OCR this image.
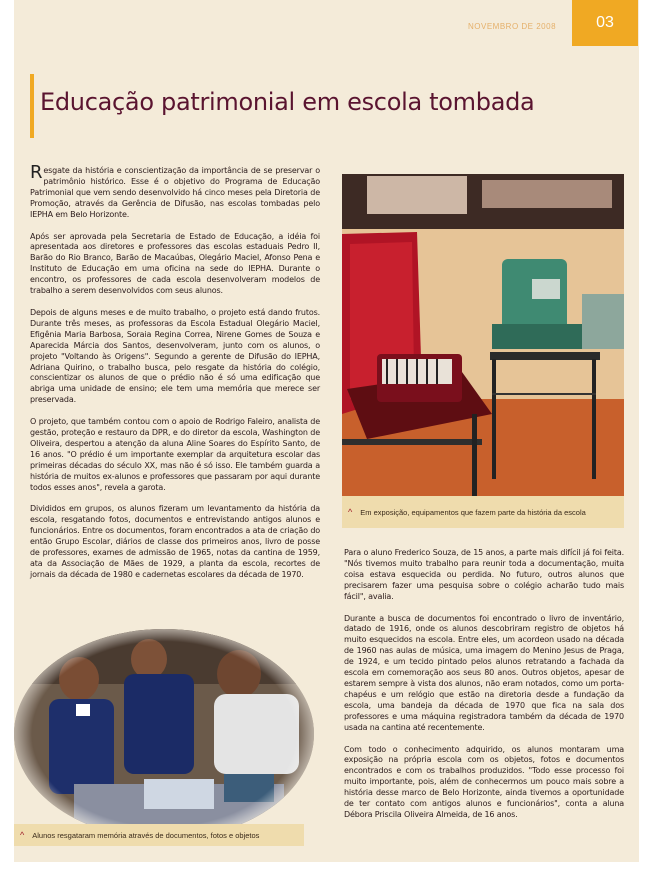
NOVEMBRO DE 2008	03
Educação patrimonial em escola tombada

Resgate da história e conscientização da importância de se preservar o patrimônio histórico. Esse é o objetivo do Programa de Educação Patrimonial que vem sendo desenvolvido há cinco meses pela Diretoria de Promoção, através da Gerência de Difusão, nas escolas tombadas pelo IEPHA em Belo Horizonte.

Após ser aprovada pela Secretaria de Estado de Educação, a idéia foi apresentada aos diretores e professores das escolas estaduais Pedro II, Barão do Rio Branco, Barão de Macaúbas, Olegário Maciel, Afonso Pena e Instituto de Educação em uma oficina na sede do IEPHA. Durante o encontro, os professores de cada escola desenvolveram modelos de trabalho a serem desenvolvidos com seus alunos.

Depois de alguns meses e de muito trabalho, o projeto está dando frutos. Durante três meses, as professoras da Escola Estadual Olegário Maciel, Efigênia Maria Barbosa, Soraia Regina Correa, Nirene Gomes de Souza e Aparecida Márcia dos Santos, desenvolveram, junto com os alunos, o projeto "Voltando às Origens". Segundo a gerente de Difusão do IEPHA, Adriana Quirino, o trabalho busca, pelo resgate da história do colégio, conscientizar os alunos de que o prédio não é só uma edificação que abriga uma unidade de ensino; ele tem uma memória que merece ser preservada.

O projeto, que também contou com o apoio de Rodrigo Faleiro, analista de gestão, proteção e restauro da DPR, e do diretor da escola, Washington de Oliveira, despertou a atenção da aluna Aline Soares do Espírito Santo, de 16 anos. "O prédio é um importante exemplar da arquitetura escolar das primeiras décadas do século XX, mas não é só isso. Ele também guarda a história de muitos ex-alunos e professores que passaram por aqui durante todos esses anos", revela a garota.

Divididos em grupos, os alunos fizeram um levantamento da história da escola, resgatando fotos, documentos e entrevistando antigos alunos e funcionários. Entre os documentos, foram encontrados a ata de criação do então Grupo Escolar, diários de classe dos primeiros anos, livro de posse de professores, exames de admissão de 1965, notas da cantina de 1959, ata da Associação de Mães de 1929, a planta da escola, recortes de jornais da década de 1980 e cadernetas escolares da década de 1970.

^ Em exposição, equipamentos que fazem parte da história da escola

Para o aluno Frederico Souza, de 15 anos, a parte mais difícil já foi feita. "Nós tivemos muito trabalho para reunir toda a documentação, muita coisa estava esquecida ou perdida. No futuro, outros alunos que precisarem fazer uma pesquisa sobre o colégio acharão tudo mais fácil", avalia.

Durante a busca de documentos foi encontrado o livro de inventário, datado de 1916, onde os alunos descobriram registro de objetos há muito esquecidos na escola. Entre eles, um acordeon usado na década de 1960 nas aulas de música, uma imagem do Menino Jesus de Praga, de 1924, e um tecido pintado pelos alunos retratando a fachada da escola em comemoração aos seus 80 anos. Outros objetos, apesar de estarem sempre à vista dos alunos, não eram notados, como um porta-chapéus e um relógio que estão na diretoria desde a fundação da escola, uma bandeja da década de 1970 que fica na sala dos professores e uma máquina registradora também da década de 1970 usada na cantina até recentemente.

Com todo o conhecimento adquirido, os alunos montaram uma exposição na própria escola com os objetos, fotos e documentos encontrados e com os trabalhos produzidos. "Todo esse processo foi muito importante, pois, além de conhecermos um pouco mais sobre a história desse marco de Belo Horizonte, ainda tivemos a oportunidade de ter contato com antigos alunos e funcionários", conta a aluna Débora Priscila Oliveira Almeida, de 16 anos.

^ Alunos resgataram memória através de documentos, fotos e objetos
